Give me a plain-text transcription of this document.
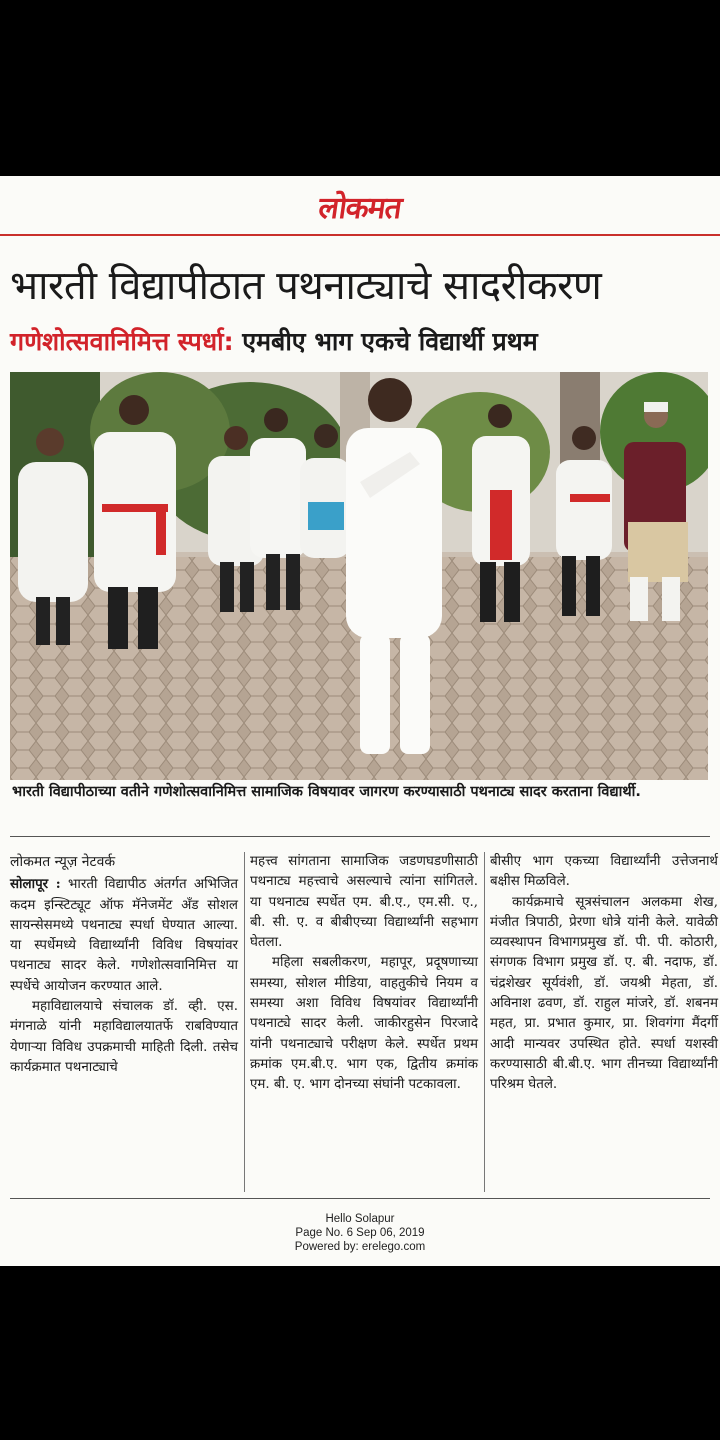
लोकमत
भारती विद्यापीठात पथनाट्याचे सादरीकरण
गणेशोत्सवानिमित्त स्पर्धा: एमबीए भाग एकचे विद्यार्थी प्रथम
भारती विद्यापीठाच्या वतीने गणेशोत्सवानिमित्त सामाजिक विषयावर जागरण करण्यासाठी पथनाट्य सादर करताना विद्यार्थी.

लोकमत न्यूज़ नेटवर्क

सोलापूर : भारती विद्यापीठ अंतर्गत अभिजित कदम इन्स्टिट्यूट ऑफ मॅनेजमेंट अँड सोशल सायन्सेसमध्ये पथनाट्य स्पर्धा घेण्यात आल्या. या स्पर्धेमध्ये विद्यार्थ्यांनी विविध विषयांवर पथनाट्य सादर केले. गणेशोत्सवानिमित्त या स्पर्धेचे आयोजन करण्यात आले.

महाविद्यालयाचे संचालक डॉ. व्ही. एस. मंगनाळे यांनी महाविद्यालयातर्फे राबविण्यात येणाऱ्या विविध उपक्रमाची माहिती दिली. तसेच कार्यक्रमात पथनाट्याचे

महत्त्व सांगताना सामाजिक जडणघडणीसाठी पथनाट्य महत्त्वाचे असल्याचे त्यांना सांगितले. या पथनाट्य स्पर्धेत एम. बी.ए., एम.सी. ए., बी. सी. ए. व बीबीएच्या विद्यार्थ्यांनी सहभाग घेतला.

महिला सबलीकरण, महापूर, प्रदूषणाच्या समस्या, सोशल मीडिया, वाहतुकीचे नियम व समस्या अशा विविध विषयांवर विद्यार्थ्यांनी पथनाट्ये सादर केली. जाकीरहुसेन पिरजादे यांनी पथनाट्याचे परीक्षण केले. स्पर्धेत प्रथम क्रमांक एम.बी.ए. भाग एक, द्वितीय क्रमांक एम. बी. ए. भाग दोनच्या संघांनी पटकावला.

बीसीए भाग एकच्या विद्यार्थ्यांनी उत्तेजनार्थ बक्षीस मिळविले.

कार्यक्रमाचे सूत्रसंचालन अलकमा शेख, मंजीत त्रिपाठी, प्रेरणा धोत्रे यांनी केले. यावेळी व्यवस्थापन विभागप्रमुख डॉ. पी. पी. कोठारी, संगणक विभाग प्रमुख डॉ. ए. बी. नदाफ, डॉ. चंद्रशेखर सूर्यवंशी, डॉ. जयश्री मेहता, डॉ. अविनाश ढवण, डॉ. राहुल मांजरे, डॉ. शबनम महत, प्रा. प्रभात कुमार, प्रा. शिवगंगा मैंदर्गी आदी मान्यवर उपस्थित होते. स्पर्धा यशस्वी करण्यासाठी बी.बी.ए. भाग तीनच्या विद्यार्थ्यांनी परिश्रम घेतले.

Hello Solapur
Page No. 6 Sep 06, 2019
Powered by: erelego.com
